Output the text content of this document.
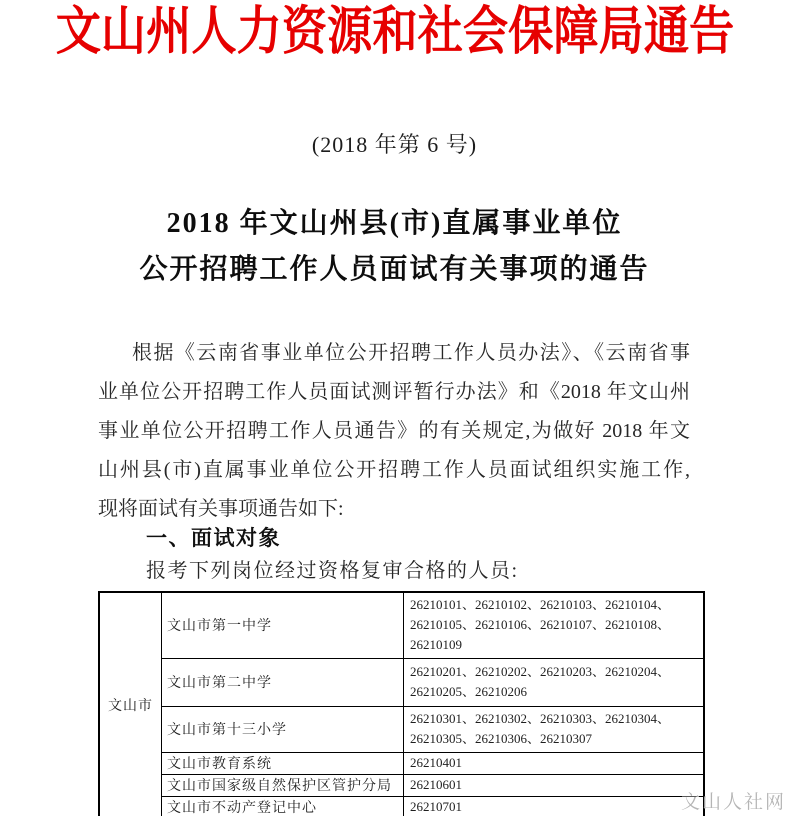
文山州人力资源和社会保障局通告
(2018 年第 6 号)
2018 年文山州县(市)直属事业单位
公开招聘工作人员面试有关事项的通告
根据《云南省事业单位公开招聘工作人员办法》、《云南省事
业单位公开招聘工作人员面试测评暂行办法》和《2018 年文山州
事业单位公开招聘工作人员通告》的有关规定,为做好 2018 年文
山州县(市)直属事业单位公开招聘工作人员面试组织实施工作,
现将面试有关事项通告如下:
一、面试对象
报考下列岗位经过资格复审合格的人员:
文山市	文山市第一中学	26210101、26210102、26210103、26210104、26210105、26210106、26210107、26210108、26210109
	文山市第二中学	26210201、26210202、26210203、26210204、26210205、26210206
	文山市第十三小学	26210301、26210302、26210303、26210304、26210305、26210306、26210307
	文山市教育系统	26210401
	文山市国家级自然保护区管护分局	26210601
	文山市不动产登记中心	26210701	文山人社网
